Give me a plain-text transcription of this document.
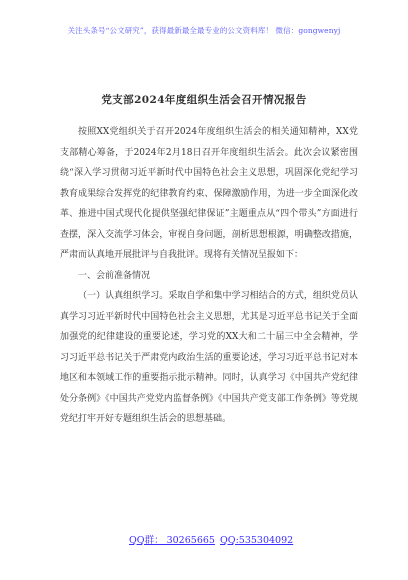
关注头条号“公文研究”，获得最新最全最专业的公文资料库！ 微信：gongwenyj
党支部2024年度组织生活会召开情况报告

按照XX党组织关于召开2024年度组织生活会的相关通知精神，XX党支部精心筹备，于2024年2月18日召开年度组织生活会。此次会议紧密围绕“深入学习贯彻习近平新时代中国特色社会主义思想，巩固深化党纪学习教育成果综合发挥党的纪律教育约束、保障激励作用，为进一步全面深化改革、推进中国式现代化提供坚强纪律保证”主题重点从“四个带头”方面进行查摆，深入交流学习体会，审视自身问题，剖析思想根源，明确整改措施，严肃而认真地开展批评与自我批评。现将有关情况呈报如下：

一、会前准备情况

（一）认真组织学习。采取自学和集中学习相结合的方式，组织党员认真学习习近平新时代中国特色社会主义思想，尤其是习近平总书记关于全面加强党的纪律建设的重要论述，学习党的XX大和二十届三中全会精神，学习习近平总书记关于严肃党内政治生活的重要论述，学习习近平总书记对本地区和本领域工作的重要指示批示精神。同时，认真学习《中国共产党纪律处分条例》《中国共产党党内监督条例》《中国共产党支部工作条例》等党规党纪打牢开好专题组织生活会的思想基础。

QQ群： 30265665 QQ:535304092
